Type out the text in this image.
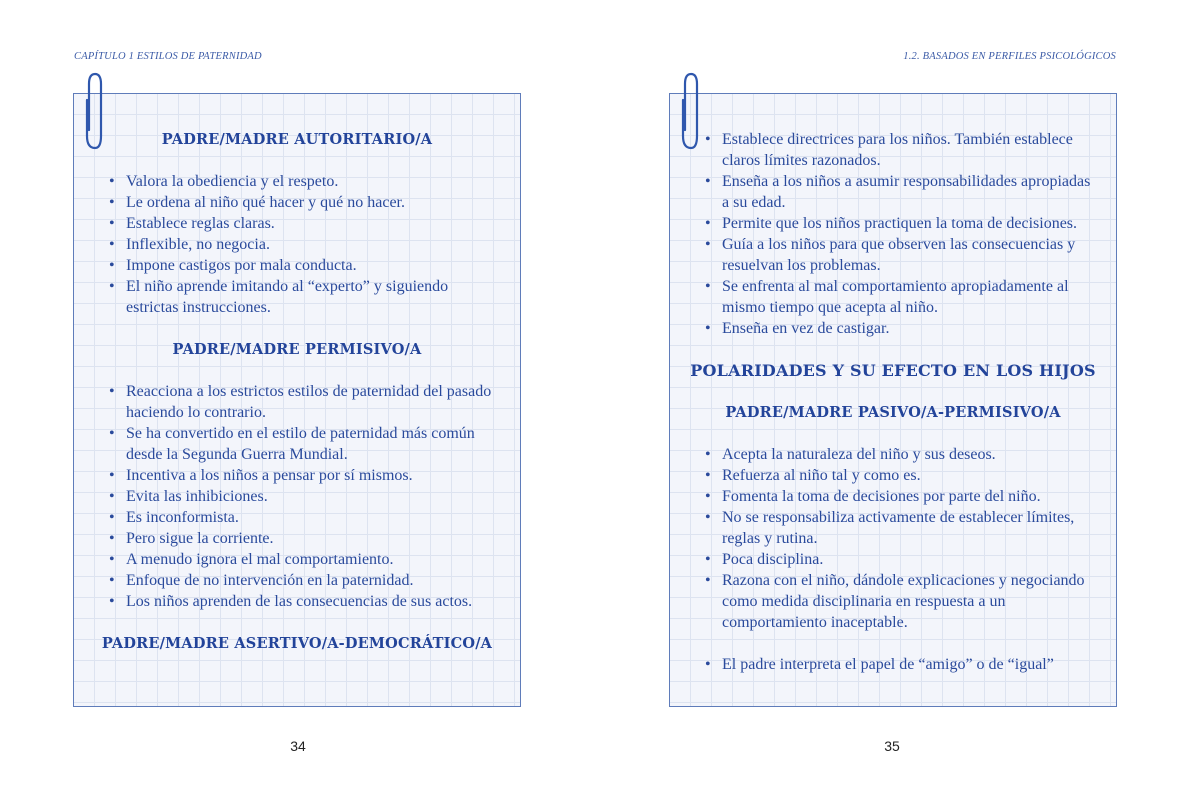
CAPÍTULO 1 ESTILOS DE PATERNIDAD
PADRE/MADRE AUTORITARIO/A
• Valora la obediencia y el respeto.
• Le ordena al niño qué hacer y qué no hacer.
• Establece reglas claras.
• Inflexible, no negocia.
• Impone castigos por mala conducta.
• El niño aprende imitando al “experto” y siguiendo estrictas instrucciones.
PADRE/MADRE PERMISIVO/A
• Reacciona a los estrictos estilos de paternidad del pasado haciendo lo contrario.
• Se ha convertido en el estilo de paternidad más común desde la Segunda Guerra Mundial.
• Incentiva a los niños a pensar por sí mismos.
• Evita las inhibiciones.
• Es inconformista.
• Pero sigue la corriente.
• A menudo ignora el mal comportamiento.
• Enfoque de no intervención en la paternidad.
• Los niños aprenden de las consecuencias de sus actos.
PADRE/MADRE ASERTIVO/A-DEMOCRÁTICO/A
34
1.2. BASADOS EN PERFILES PSICOLÓGICOS
• Establece directrices para los niños. También establece claros límites razonados.
• Enseña a los niños a asumir responsabilidades apropiadas a su edad.
• Permite que los niños practiquen la toma de decisiones.
• Guía a los niños para que observen las consecuencias y resuelvan los problemas.
• Se enfrenta al mal comportamiento apropiadamente al mismo tiempo que acepta al niño.
• Enseña en vez de castigar.
POLARIDADES Y SU EFECTO EN LOS HIJOS
PADRE/MADRE PASIVO/A-PERMISIVO/A
• Acepta la naturaleza del niño y sus deseos.
• Refuerza al niño tal y como es.
• Fomenta la toma de decisiones por parte del niño.
• No se responsabiliza activamente de establecer límites, reglas y rutina.
• Poca disciplina.
• Razona con el niño, dándole explicaciones y negociando como medida disciplinaria en respuesta a un comportamiento inaceptable.
• El padre interpreta el papel de “amigo” o de “igual”
35
